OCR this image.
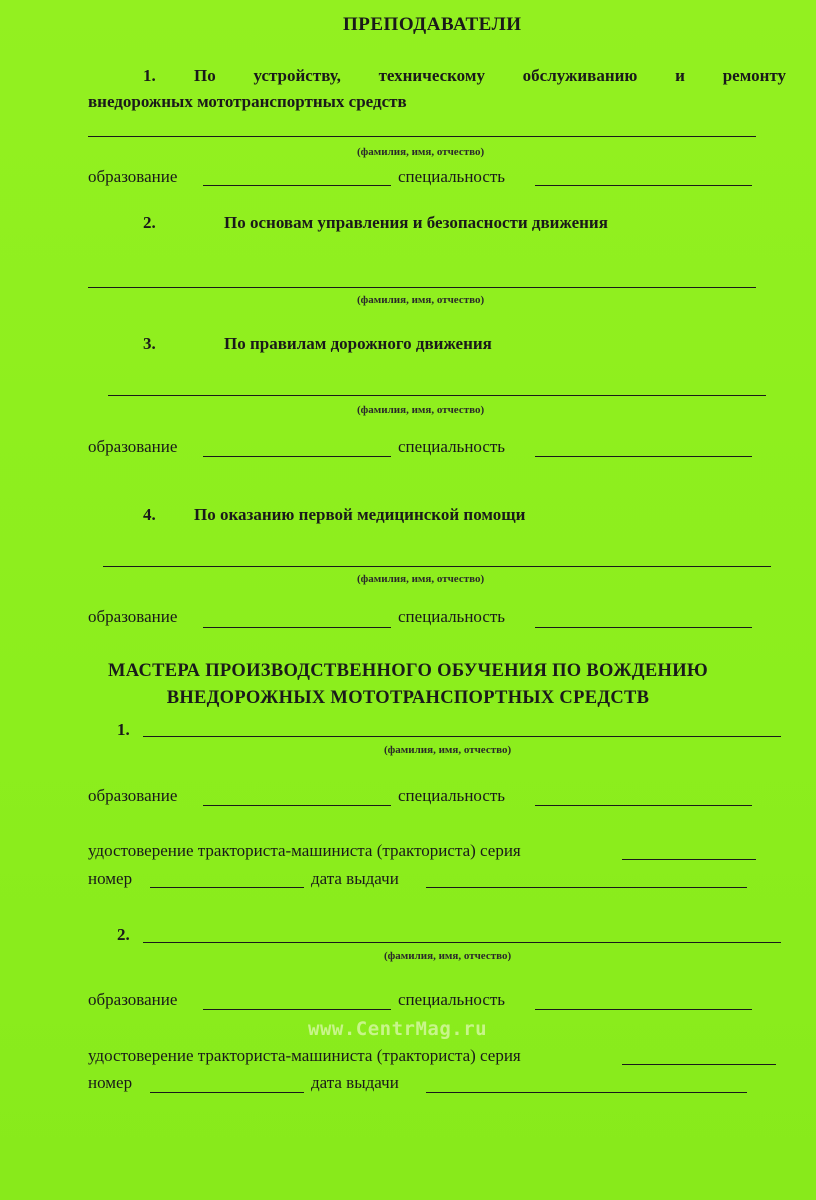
ПРЕПОДАВАТЕЛИ
1. По устройству, техническому обслуживанию и ремонту
внедорожных мототранспортных средств
(фамилия, имя, отчество)
образование	специальность
2.	По основам управления и безопасности движения
(фамилия, имя, отчество)
3.	По правилам дорожного движения
(фамилия, имя, отчество)
образование	специальность
4. По оказанию первой медицинской помощи
(фамилия, имя, отчество)
образование	специальность
МАСТЕРА ПРОИЗВОДСТВЕННОГО ОБУЧЕНИЯ ПО ВОЖДЕНИЮ
ВНЕДОРОЖНЫХ МОТОТРАНСПОРТНЫХ СРЕДСТВ
1.
(фамилия, имя, отчество)
образование	специальность
удостоверение тракториста-машиниста (тракториста) серия
номер	дата выдачи
2.
(фамилия, имя, отчество)
образование	специальность
удостоверение тракториста-машиниста (тракториста) серия
номер	дата выдачи
www.CentrMag.ru
